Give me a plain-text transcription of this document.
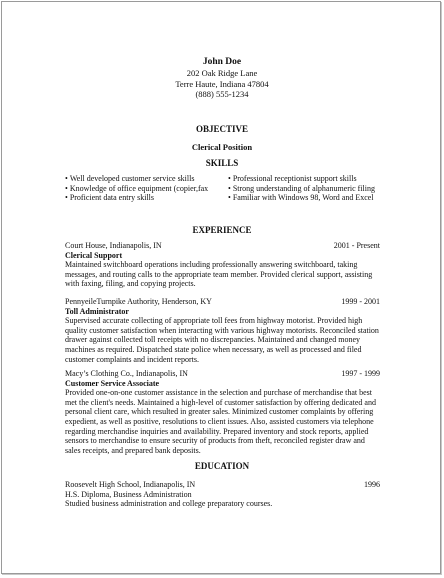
John Doe
202 Oak Ridge Lane
Terre Haute, Indiana 47804
(888) 555-1234
OBJECTIVE
Clerical Position
SKILLS
• Well developed customer service skills
• Knowledge of office equipment (copier,fax
• Proficient data entry skills
• Professional receptionist support skills
• Strong understanding of alphanumeric filing
• Familiar with Windows 98, Word and Excel
EXPERIENCE
Court House, Indianapolis, IN	2001 - Present
Clerical Support

Maintained switchboard operations including professionally answering switchboard, taking messages, and routing calls to the appropriate team member. Provided clerical support, assisting with faxing, filing, and copying projects.

PennyeileTurnpike Authority, Henderson, KY	1999 - 2001
Toll Administrator

Supervised accurate collecting of appropriate toll fees from highway motorist. Provided high quality customer satisfaction when interacting with various highway motorists. Reconciled station drawer against collected toll receipts with no discrepancies. Maintained and changed money machines as required. Dispatched state police when necessary, as well as processed and filed customer complaints and incident reports.

Macy’s Clothing Co., Indianapolis, IN	1997 - 1999
Customer Service Associate

Provided one-on-one customer assistance in the selection and purchase of merchandise that best met the client's needs. Maintained a high-level of customer satisfaction by offering dedicated and personal client care, which resulted in greater sales. Minimized customer complaints by offering expedient, as well as positive, resolutions to client issues. Also, assisted customers via telephone regarding merchandise inquiries and availability. Prepared inventory and stock reports, applied sensors to merchandise to ensure security of products from theft, reconciled register draw and sales receipts, and prepared bank deposits.

EDUCATION
Roosevelt High School, Indianapolis, IN	1996
H.S. Diploma, Business Administration
Studied business administration and college preparatory courses.
